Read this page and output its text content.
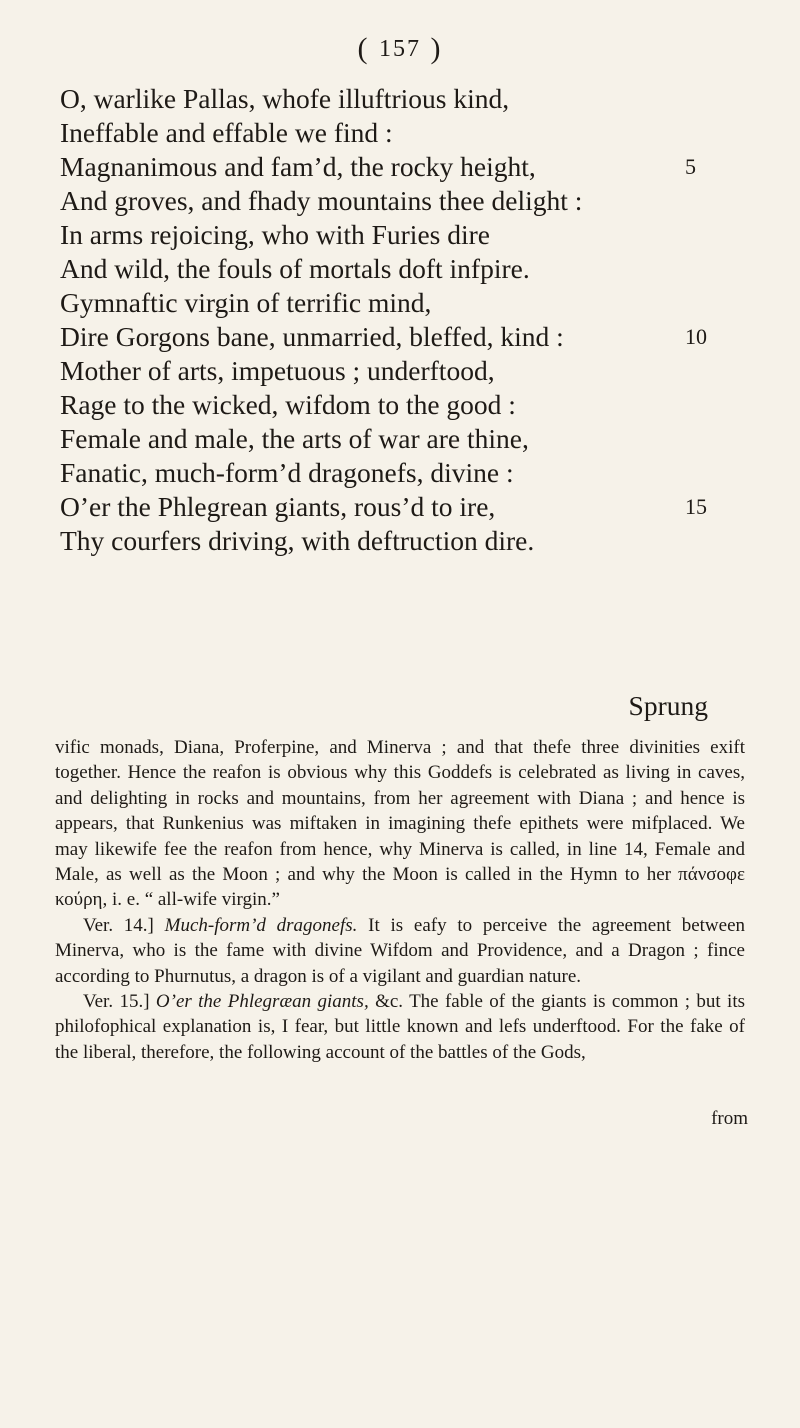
( 157 )
O, warlike Pallas, whofe illuftrious kind,
Ineffable and effable we find :
Magnanimous and fam’d, the rocky height,	5
And groves, and fhady mountains thee delight :
In arms rejoicing, who with Furies dire
And wild, the fouls of mortals doft infpire.
Gymnaftic virgin of terrific mind,
Dire Gorgons bane, unmarried, bleffed, kind :	10
Mother of arts, impetuous ; underftood,
Rage to the wicked, wifdom to the good :
Female and male, the arts of war are thine,
Fanatic, much-form’d dragonefs, divine :
O’er the Phlegrean giants, rous’d to ire,	15
Thy courfers driving, with deftruction dire.
Sprung

vific monads, Diana, Proferpine, and Minerva ; and that thefe three divinities exift together. Hence the reafon is obvious why this Goddefs is celebrated as living in caves, and delighting in rocks and mountains, from her agreement with Diana ; and hence is appears, that Runkenius was miftaken in imagining thefe epithets were mifplaced. We may likewife fee the reafon from hence, why Minerva is called, in line 14, Female and Male, as well as the Moon ; and why the Moon is called in the Hymn to her πάνσοφε κούρη, i. e. “ all-wife virgin.”

Ver. 14.] Much-form’d dragonefs. It is eafy to perceive the agreement between Minerva, who is the fame with divine Wifdom and Providence, and a Dragon ; fince according to Phurnutus, a dragon is of a vigilant and guardian nature.

Ver. 15.] O’er the Phlegræan giants, &c. The fable of the giants is common ; but its philofophical explanation is, I fear, but little known and lefs underftood. For the fake of the liberal, therefore, the following account of the battles of the Gods,

from
